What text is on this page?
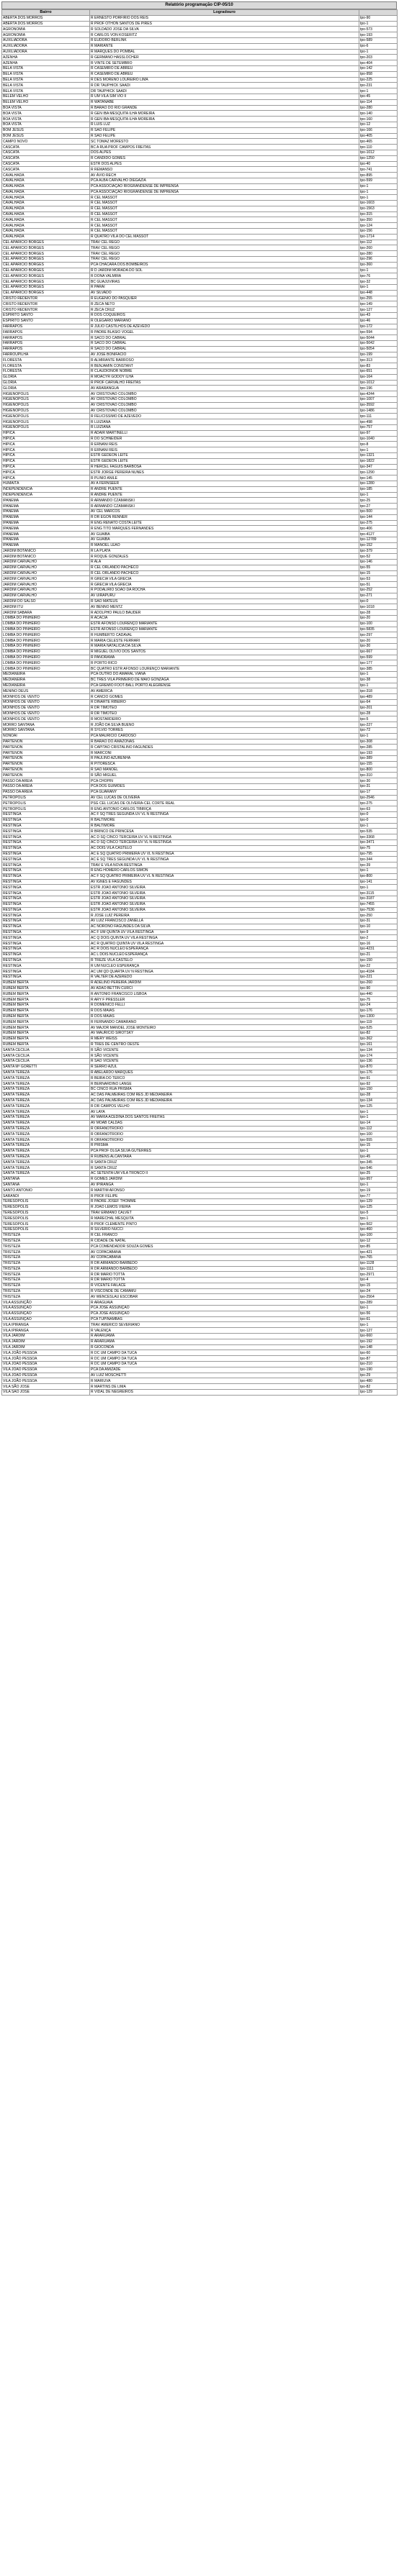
Relatório programação CIP-05/10
Bairro	Logradouro	
ABERTA DOS MORROS	R ERNESTO PORFIRIO DOS REIS	tpo-90
ABERTA DOS MORROS	R PROF OTHON SANTOS DE PIRES	tpo-1
AGRONOMIA	R SOLDADO JOSE DA SILVA	tpo-573
AGRONOMIA	R CARLOS VON KOSERITZ	tpo-193
AUXILIADORA	R EUDORO BERLINK	tpo-589
AUXILIADORA	R MARIANTE	tpo-6
AUXILIADORA	R MARQUES DO POMBAL	tpo-1
AZENHA	R GERMANO HASSLOCHER	tpo-203
AZENHA	R VINTE DE SETEMBRO	tpo-404
BELA VISTA	R CASEMIRO DE ABREU	tpo-142
BELA VISTA	R CASEMIRO DE ABREU	tpo-958
BELA VISTA	R DES MORENO LOUREIRO LIMA	tpo-225
BELA VISTA	R DR TAUPHICK SAADI	tpo-231
BELA VISTA	DR TAUPHICK SAADI	tpo-1
BELEM VELHO	R UM VILA SIM VIO II	tpo-45
BELEM VELHO	R WATANABE	tpo-114
BOA VISTA	R BARAO DO RIO GRANDE	tpo-280
BOA VISTA	R GEN IBA MESQUITA ILHA MOREIRA	tpo-140
BOA VISTA	R GEN IBA MESQUITA ILHA MOREIRA	tpo-160
BOA VISTA	R LUIS LUZ	tpo-12
BOM JESUS	R SÃO FELIPE	tpo-166
BOM JESUS	R SÃO FELIPE	tpo-405
CAMPO NOVO	SC TOMAZ MORESTO	tpo-465
CASCATA	BC A RUA PROF CAMPOS FREITAS	tpo-110
CASCATA	DOS ALPES	tpo-1012
CASCATA	R CANDIDO GOMES	tpo-1250
CASCATA	ESTR DOS ALPES	tpo-40
CASCATA	R REMANSO	tpo-741
CAVALHADA	AV ÁVIO RECH	tpo-895
CAVALHADA	PCA ALBA CARVALHO DIEGAZIA	tpo-599
CAVALHADA	PCA ASSOCIAÇÃO RIOGRANDENSE DE IMPRENSA	tpo-1
CAVALHADA	PCA ASSOCIAÇÃO RIOGRANDENSE DE IMPRENSA	tpo-1
CAVALHADA	R CEL MASSOT	tpo-1
CAVALHADA	R CEL MASSOT	tpo-1603
CAVALHADA	R CEL MASSOT	tpo-1563
CAVALHADA	R CEL MASSOT	tpo-315
CAVALHADA	R CEL MASSOT	tpo-350
CAVALHADA	R CEL MASSOT	tpo-124
CAVALHADA	R CEL MASSOT	tpo-156
CAVALHADA	R QUATRO VILA DO CEL MASSOT	tpo-1714
CEL APARICIO BORGES	TRAV CEL REGO	tpo-112
CEL APARICIO BORGES	TRAV CEL REGO	tpo-260
CEL APARICIO BORGES	TRAV CEL REGO	tpo-280
CEL APARICIO BORGES	TRAV CEL REGO	tpo-296
CEL APARICIO BORGES	PCA CHACARA DOS BOMBEIROS	tpo-360
CEL APARICIO BORGES	R D JARDIM MORADA DO SOL	tpo-1
CEL APARICIO BORGES	R DONA VALMIRA	tpo-76
CEL APARICIO BORGES	BC GUAJUVIRAS	tpo-32
CEL APARICIO BORGES	R PARAI	tpo-1
CEL APARICIO BORGES	AV SILVADO	tpo-448
CRISTO REDENTOR	R EUGENIO DO PASQUIER	tpo-255
CRISTO REDENTOR	R ZECA NETO	tpo-149
CRISTO REDENTOR	R ZECA CRUZ	tpo-127
ESPIRITO SANTO	R DOS COQUEIROS	tpo-43
ESPIRITO SANTO	R OLEGARIO MARIANO	tpo-46
FARRAPOS	R JULIO CASTILHOS DE AZEVEDO	tpo-172
FARRAPOS	R PADRE BLASIO VOGEL	tpo-594
FARRAPOS	R SACO DO CABRAL	tpo-5044
FARRAPOS	R SACO DO CABRAL	tpo-5042
FARRAPOS	R SACO DO CABRAL	tpo-5054
FARROUPILHA	AV JOSE BONIFACIO	tpo-199
FLORESTA	R ALMIRANTE BARROSO	tpo-313
FLORESTA	R BENJAMIN CONSTANT	tpo-83
FLORESTA	R CLAUDIONOR NOBRE	tpo-651
GLORIA	R MOACYR GODOY ILHA	tpo-164
GLORIA	R PROF CARVALHO FREITAS	tpo-1012
GLORIA	AV ARARANGUA	tpo-196
HIGIENOPOLIS	AV CRISTOVAO COLOMBO	tpo-4244
HIGIENOPOLIS	AV CRISTOVAO COLOMBO	tpo-1007
HIGIENOPOLIS	AV CRISTOVAO COLOMBO	tpo-3592
HIGIENOPOLIS	AV CRISTOVAO COLOMBO	tpo-1486
HIGIENOPOLIS	R FELICISSIMO DE AZEVEDO	tpo-111
HIGIENOPOLIS	R LUIZIANA	tpo-498
HIGIENOPOLIS	R LUIZIANA	tpo-757
HIPICA	R ADAIR MARTINELLI	tpo-97
HIPICA	R DO SCHNEIDER	tpo-1040
HIPICA	R ERNANI REIS	tpo-8
HIPICA	R ERNANI REIS	tpo-1
HIPICA	ESTR GEDEON LEITE	tpo-1321
HIPICA	ESTR GEDEON LEITE	tpo-1822
HIPICA	R HERCEL FAGUIS BARBOSA	tpo-347
HIPICA	ESTR JORGE PEREIRA NUNES	tpo-1290
HIPICA	R PLINIO ANILE	tpo-145
HUMAITÁ	AV A FERNSEER	tpo-1280
INDEPENDENCIA	R ANDRE PUENTE	tpo-185
INDEPENDENCIA	R ANDRE PUENTE	tpo-1
IPANEMA	R ARMANDO CZAMANSKI	tpo-25
IPANEMA	R ARMANDO CZAMANSKI	tpo-27
IPANEMA	AV CEL MARCOS	tpo-500
IPANEMA	R DR EGON RENNER	tpo-144
IPANEMA	R ENG RENATO COSTA LEITE	tpo-275
IPANEMA	R ENG TITO MARQUES FERNANDES	tpo-406
IPANEMA	AV GUAIBA	tpo-4127
IPANEMA	AV GUAIBA	tpo-12789
IPANEMA	R MANOEL LEÃO	tpo-152
JARDIM BOTANICO	R LA PLATA	tpo-379
JARDIM BOTANICO	R ROQUE GONZALES	tpo-52
JARDIM CARVALHO	R ALA	tpo-146
JARDIM CARVALHO	R CEL ORLANDO PACHECO	tpo-55
JARDIM CARVALHO	R CEL ORLANDO PACHECO	tpo-15
JARDIM CARVALHO	R GRECIA VILA GRECIA	tpo-53
JARDIM CARVALHO	R GRECIA VILA GRECIA	tpo-51
JARDIM CARVALHO	R PODALIRIO SOAO DA ROCHA	tpo-252
JARDIM CARVALHO	AV UIRAPURU	tpo-271
JARDIM DO SALSO	R SÃO MATEUS	tpo-0
JARDIM ITU	AV BENNO MENTZ	tpo-1018
JARDIM SABARA	R ADOLPHO PAULO BAUDER	tpo-28
LOMBA DO PINHEIRO	R ACACIA	tpo-20
LOMBA DO PINHEIRO	ESTR AFONSO LOURENÇO MARIANTE	tpo-100
LOMBA DO PINHEIRO	ESTR AFONSO LOURENÇO MARIANTE	tpo-5835
LOMBA DO PINHEIRO	R HUMBERTO CADAVAL	tpo-297
LOMBA DO PINHEIRO	R MARIA CELESTE FERRARI	tpo-20
LOMBA DO PINHEIRO	R MARIA NATALICIA DA SILVA	tpo-30
LOMBA DO PINHEIRO	R MIGUEL OLIVIO DOS SANTOS	tpo-667
LOMBA DO PINHEIRO	R PANORAMA	tpo-599
LOMBA DO PINHEIRO	R PORTO RICO	tpo-177
LOMBA DO PINHEIRO	BC QUATRO ESTR AFONSO LOURENÇO MARIANTE	tpo-385
MEDIANEIRA	PCA OUTRO DO AMARAL VIANA	tpo-1
MEDIANEIRA	BC TRES VILA PRIMEIRO DE MAIO GONZAGA	tpo-38
MEDIANEIRA	PCA GREMIO FOOT-BALL PORTO ALEGRENSE	tpo-1
MENINO DEUS	AV AMERICA	tpo-318
MOINHOS DE VENTO	R CANCIO GOMES	tpo-489
MOINHOS DE VENTO	R DINARTE RIBEIRO	tpo-64
MOINHOS DE VENTO	R DR TIMOTEO	tpo-201
MOINHOS DE VENTO	R DR TIMOTEO	tpo-28
MOINHOS DE VENTO	R MOSTARDEIRO	tpo-5
MORRO SANTANA	R JOÃO DA SILVA BUENO	tpo-227
MORRO SANTANA	R SYLVIO TORRES	tpo-72
NONOAI	PCA MAURICIO CARDOSO	tpo-1
PARTENON	R BARAO DO AMAZONAS	tpo-308
PARTENON	R CAPITAO CRISTALINO FAGUNDES	tpo-285
PARTENON	R MARCONI	tpo-193
PARTENON	R PAULINO AZURENHA	tpo-389
PARTENON	R PITORESCA	tpo-155
PARTENON	R SÃO MANOEL	tpo-800
PARTENON	R SÃO MIGUEL	tpo-310
PASSO DA AREIA	PCA CHOPIN	tpo-30
PASSO DA AREIA	PCA DOS GUIMOES	tpo-31
PASSO DA AREIA	PCA GUARANY	tpo-17
PETROPOLIS	AV CEL LUCAS DE OLIVEIRA	tpo-2546
PETROPOLIS	PSG CEL LUCAS DE OLIVEIRA-CEL CORTE REAL	tpo-275
PETROPOLIS	R ENG ANTONIO CARLOS TIBIRIÇA	tpo-63
RESTINGA	AC F SQ TRES SEGUNDA UV VL N RESTINGA	tpo-0
RESTINGA	R BALTIMORE	tpo-0
RESTINGA	R BALTIMORE	tpo-1
RESTINGA	R BRINCO DE PRINCESA	tpo-535
RESTINGA	AC D SQ CINCO TERCEIRA UV VL N RESTINGA	tpo-3368
RESTINGA	AC D SQ CINCO TERCEIRA UV VL N RESTINGA	tpo-3471
RESTINGA	AC DOIS VILA CASTELO	tpo-75
RESTINGA	AC E SQ QUATRO PRIMEIRA UV VL N RESTINGA	tpo-795
RESTINGA	AC E SQ TRES SEGUNDA UV VL N RESTINGA	tpo-344
RESTINGA	TRAV E VILA NOVA RESTINGA	tpo-39
RESTINGA	R ENG HOMERO CARLOS SIMON	tpo-1
RESTINGA	AC F SQ QUATRO PRIMEIRA UV VL N RESTINGA	tpo-800
RESTINGA	AV IGNES E FAGUNDES	tpo-141
RESTINGA	ESTR JOAO ANTONIO SILVEIRA	tpo-1
RESTINGA	ESTR JOAO ANTONIO SILVEIRA	tpo-3115
RESTINGA	ESTR JOAO ANTONIO SILVEIRA	tpo-3187
RESTINGA	ESTR JOAO ANTONIO SILVEIRA	tpo-7455
RESTINGA	ESTR JOAO ANTONIO SILVEIRA	tpo-7536
RESTINGA	R JOSE LUIZ PEREIRA	tpo-250
RESTINGA	AV LUIZ FRANCISCO ZANELLA	tpo-31
RESTINGA	AC NORONO FAGUNDES DA SILVA	tpo-10
RESTINGA	AC F UM QUINTA UV VILA RESTINGA	tpo-9
RESTINGA	AC Q DOIS QUINTA UV VILA RESTINGA	tpo-2
RESTINGA	AC R QUATRO QUINTA UV VILA RESTINGA	tpo-16
RESTINGA	AC R DOIS NUCLEO ESPERANÇA	tpo-4231
RESTINGA	AC L DOIS NUCLEO ESPERANÇA	tpo-21
RESTINGA	R TREZE VILA CASTELO	tpo-150
RESTINGA	R UM NUCLEO ESPERANÇA	tpo-22
RESTINGA	AC UM QD QUARTA UV N RESTINGA	tpo-4184
RESTINGA	R VALTER DE AZEREDO	tpo-221
RUBEM BERTA	R ADELINO PEREIRA JARDIM	tpo-260
RUBEM BERTA	AV ADÃO BETTIN CURCI	tpo-90
RUBEM BERTA	R ANTONIO FRANCISCO LISBOA	tpo-440
RUBEM BERTA	R ARY F PRESSLER	tpo-75
RUBEM BERTA	R DOMENICO FELLI	tpo-24
RUBEM BERTA	R DOS MAIAS	tpo-176
RUBEM BERTA	R DOS MAIAS	tpo-1300
RUBEM BERTA	R FERNANDO CAMARANO	tpo-119
RUBEM BERTA	AV MAJOR MANOEL JOSE MONTEIRO	tpo-525
RUBEM BERTA	AV MAURICIO SIROTSKY	tpo-82
RUBEM BERTA	R MERY WEISS	tpo-362
RUBEM BERTA	R TRES DE CENTRO OESTE	tpo-161
SANTA CECILIA	R SÃO VICENTE	tpo-134
SANTA CECILIA	R SÃO VICENTE	tpo-174
SANTA CECILIA	R SÃO VICENTE	tpo-136
SANTA Mª GORETTI	R SERRO AZUL	tpo-870
SANTA TEREZA	R ABELARDO MARQUES	tpo-176
SANTA TEREZA	R BEIRA DO TERCO	tpo-91
SANTA TEREZA	R BERNARDINO LANGE	tpo-92
SANTA TEREZA	BC CINCO RUA PRISMA	tpo-150
SANTA TEREZA	AC DAS PALMEIRAS COM RES JD MEDIANEIRA	tpo-28
SANTA TEREZA	AC DAS PALMEIRAS COM RES JD MEDIANEIRA	tpo-134
SANTA TEREZA	R DR CAMPOS VELHO	tpo-125
SANTA TEREZA	AV LAYA	tpo-1
SANTA TEREZA	AV MARIA ACEDINA DOS SANTOS FREITAS	tpo-1
SANTA TEREZA	AV MOAB CALDAS	tpo-14
SANTA TEREZA	R ORFANOTROFIO	tpo-112
SANTA TEREZA	R ORFANOTROFIO	tpo-100
SANTA TEREZA	R ORFANOTROFIO	tpo-555
SANTA TEREZA	R PRISMA	tpo-15
SANTA TEREZA	PCA PROF OLGA SILVA GUTERRES	tpo-1
SANTA TEREZA	R RUBENS ALCANTARA	tpo-45
SANTA TEREZA	R SANTA CRUZ	tpo-345
SANTA TEREZA	R SANTA CRUZ	tpo-546
SANTA TEREZA	AC SETENTA UM VILA TRONCO II	tpo-25
SANTANA	R GOMES JARDIM	tpo-957
SANTANA	AV IPIRANGA	tpo-1
SANTO ANTONIO	R MARTIM AFONSO	tpo-19
SARANDI	R PROF FELIPE	tpo-77
TERESOPOLIS	R PADRE JOSEF THOMME	tpo-129
TERESOPOLIS	R JOÃO LEMOS VIEIRA	tpo-125
TERESOPOLIS	TRAV ERMANO CALVET	tpo-5
TERESOPOLIS	R MARECHAL MESQUITA	tpo-1
TERESOPOLIS	R PROF CLEMENTE PINTO	tpo-502
TERESOPOLIS	R SILVERIO NUCCI	tpo-460
TRISTEZA	R CEL FRANCO	tpo-100
TRISTEZA	R CIDADE DE NATAL	tpo-12
TRISTEZA	PCA COMENDADOR SOUZA GOMES	tpo-85
TRISTEZA	AV COPACABANA	tpo-421
TRISTEZA	AV COPACABANA	tpo-765
TRISTEZA	R DR ARMANDO BARBEDO	tpo-1128
TRISTEZA	R DR ARMANDO BARBEDO	tpo-1111
TRISTEZA	R DR MARIO TOTTA	tpo-2971
TRISTEZA	R DR MARIO TOTTA	tpo-4
TRISTEZA	R VICENTE FAILACE	tpo-15
TRISTEZA	R VISCONDE DE CAMAMU	tpo-24
TRISTEZA	AV WENCESLAU ESCOBAR	tpo-2564
VILA ASSUNÇÃO	R ARAGUAIA	tpo-289
VILA ASSUNÇÃO	PCA JOSÉ ASSUNÇÃO	tpo-1
VILA ASSUNÇÃO	PCA JOSÉ ASSUNÇÃO	tpo-56
VILA ASSUNÇÃO	PCA TUPINAMBAS	tpo-61
VILA IPIRANGA	TRAV AMERICO SEVERIANO	tpo-1
VILA IPIRANGA	R VALENÇA	tpo-127
VILA JARDIM	R ARARUAMA	tpo-660
VILA JARDIM	R ARARUAMA	tpo-192
VILA JARDIM	R GIOCONDA	tpo-148
VILA JOÃO PESSOA	R DC UM CAMPO DA TUCA	tpo-60
VILA JOÃO PESSOA	R DC UM CAMPO DA TUCA	tpo-87
VILA JOÃO PESSOA	R DC UM CAMPO DA TUCA	tpo-210
VILA JOÃO PESSOA	PCA DA AMIZADE	tpo-190
VILA JOÃO PESSOA	AV LUIZ MOSCHETTI	tpo-29
VILA JOÃO PESSOA	R MARIUVA	tpo-480
VILA SÃO JOSE	R MARTINS DE LIMA	tpo-82
VILA SÃO JOSE	R VIDAL DE NEGREIROS	tpo-129
